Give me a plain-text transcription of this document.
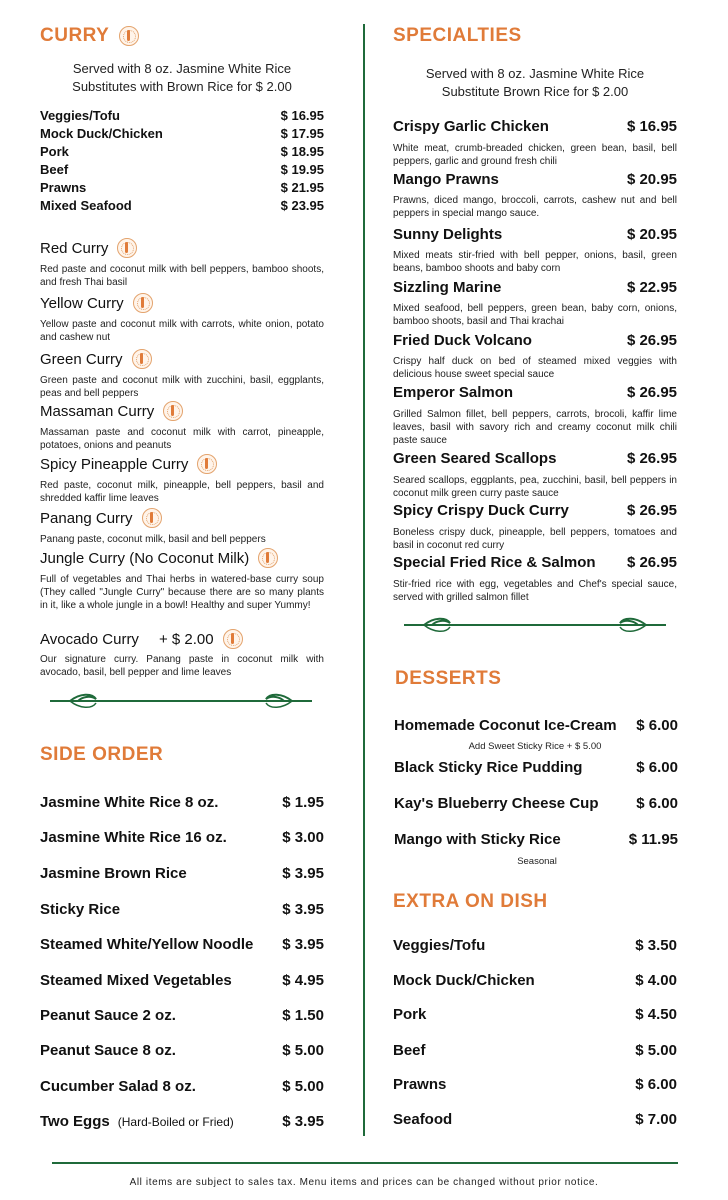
CURRY
Served with 8 oz. Jasmine White Rice
Substitutes with Brown Rice for $ 2.00
Veggies/Tofu	$ 16.95
Mock Duck/Chicken	$ 17.95
Pork	$ 18.95
Beef	$ 19.95
Prawns	$ 21.95
Mixed Seafood	$ 23.95
Red Curry
Red paste and coconut milk with bell peppers, bamboo shoots, and fresh Thai basil
Yellow Curry
Yellow paste and coconut milk with carrots, white onion, potato and cashew nut
Green Curry
Green paste and coconut milk with zucchini, basil, eggplants, peas and bell peppers
Massaman Curry
Massaman paste and coconut milk with carrot, pineapple, potatoes, onions and peanuts
Spicy Pineapple Curry
Red paste, coconut milk, pineapple, bell peppers, basil and shredded kaffir lime leaves
Panang Curry
Panang paste, coconut milk, basil and bell peppers
Jungle Curry (No Coconut Milk)
Full of vegetables and Thai herbs in watered-base curry soup (They called "Jungle Curry" because there are so many plants in it, like a whole jungle in a bowl! Healthy and super Yummy!
Avocado Curry + $ 2.00
Our signature curry. Panang paste in coconut milk with avocado, basil, bell pepper and lime leaves
SIDE ORDER
Jasmine White Rice 8 oz.	$ 1.95
Jasmine White Rice 16 oz.	$ 3.00
Jasmine Brown Rice	$ 3.95
Sticky Rice	$ 3.95
Steamed White/Yellow Noodle $ 3.95
Steamed Mixed Vegetables	$ 4.95
Peanut Sauce 2 oz.	$ 1.50
Peanut Sauce 8 oz.	$ 5.00
Cucumber Salad 8 oz.	$ 5.00
Two Eggs (Hard-Boiled or Fried)	$ 3.95
SPECIALTIES
Served with 8 oz. Jasmine White Rice
Substitute Brown Rice for $ 2.00
Crispy Garlic Chicken	$ 16.95
White meat, crumb-breaded chicken, green bean, basil, bell peppers, garlic and ground fresh chili
Mango Prawns	$ 20.95
Prawns, diced mango, broccoli, carrots, cashew nut and bell peppers in special mango sauce.
Sunny Delights	$ 20.95
Mixed meats stir-fried with bell pepper, onions, basil, green beans, bamboo shoots and baby corn
Sizzling Marine	$ 22.95
Mixed seafood, bell peppers, green bean, baby corn, onions, bamboo shoots, basil and Thai krachai
Fried Duck Volcano	$ 26.95
Crispy half duck on bed of steamed mixed veggies with delicious house sweet special sauce
Emperor Salmon	$ 26.95
Grilled Salmon fillet, bell peppers, carrots, brocoli, kaffir lime leaves, basil with savory rich and creamy coconut milk chili paste sauce
Green Seared Scallops	$ 26.95
Seared scallops, eggplants, pea, zucchini, basil, bell peppers in coconut milk green curry paste sauce
Spicy Crispy Duck Curry	$ 26.95
Boneless crispy duck, pineapple, bell peppers, tomatoes and basil in coconut red curry
Special Fried Rice & Salmon $ 26.95
Stir-fried rice with egg, vegetables and Chef's special sauce, served with grilled salmon fillet
DESSERTS
Homemade Coconut Ice-Cream $ 6.00
Add Sweet Sticky Rice + $ 5.00
Black Sticky Rice Pudding	$ 6.00
Kay's Blueberry Cheese Cup	$ 6.00
Mango with Sticky Rice	$ 11.95
Seasonal
EXTRA ON DISH
Veggies/Tofu	$ 3.50
Mock Duck/Chicken	$ 4.00
Pork	$ 4.50
Beef	$ 5.00
Prawns	$ 6.00
Seafood	$ 7.00
All items are subject to sales tax. Menu items and prices can be changed without prior notice.
